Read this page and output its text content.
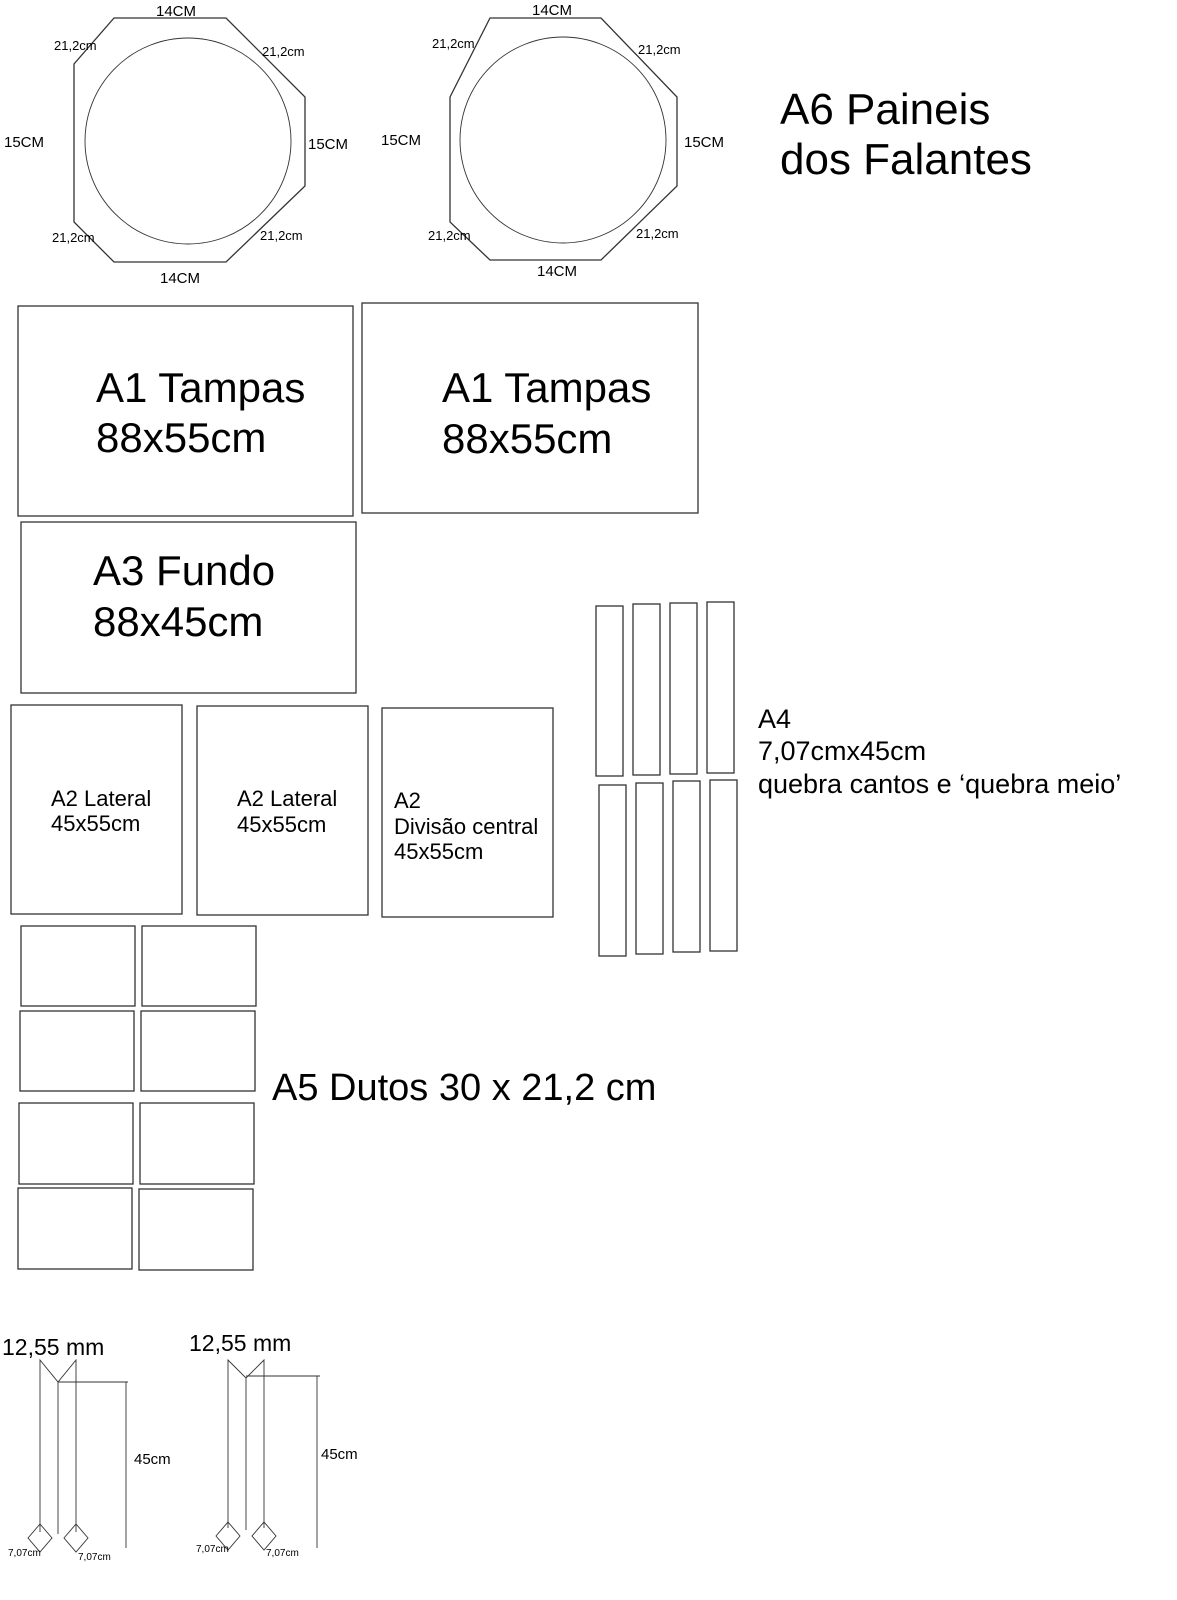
14CM
14CM
15CM	15CM
21,2cm	21,2cm
21,2cm	21,2cm
14CM
14CM
15CM	15CM
21,2cm	21,2cm
21,2cm	21,2cm
A6 Paineis
dos Falantes
A1 Tampas
88x55cm
A1 Tampas
88x55cm
A3 Fundo
88x45cm
A2 Lateral
45x55cm
A2 Lateral
45x55cm
A2
Divisão central
45x55cm
A4
7,07cmx45cm
quebra cantos e ‘quebra meio’
A5 Dutos 30 x 21,2 cm
12,55 mm
45cm
7,07cm	7,07cm
12,55 mm
45cm
7,07cm	7,07cm
